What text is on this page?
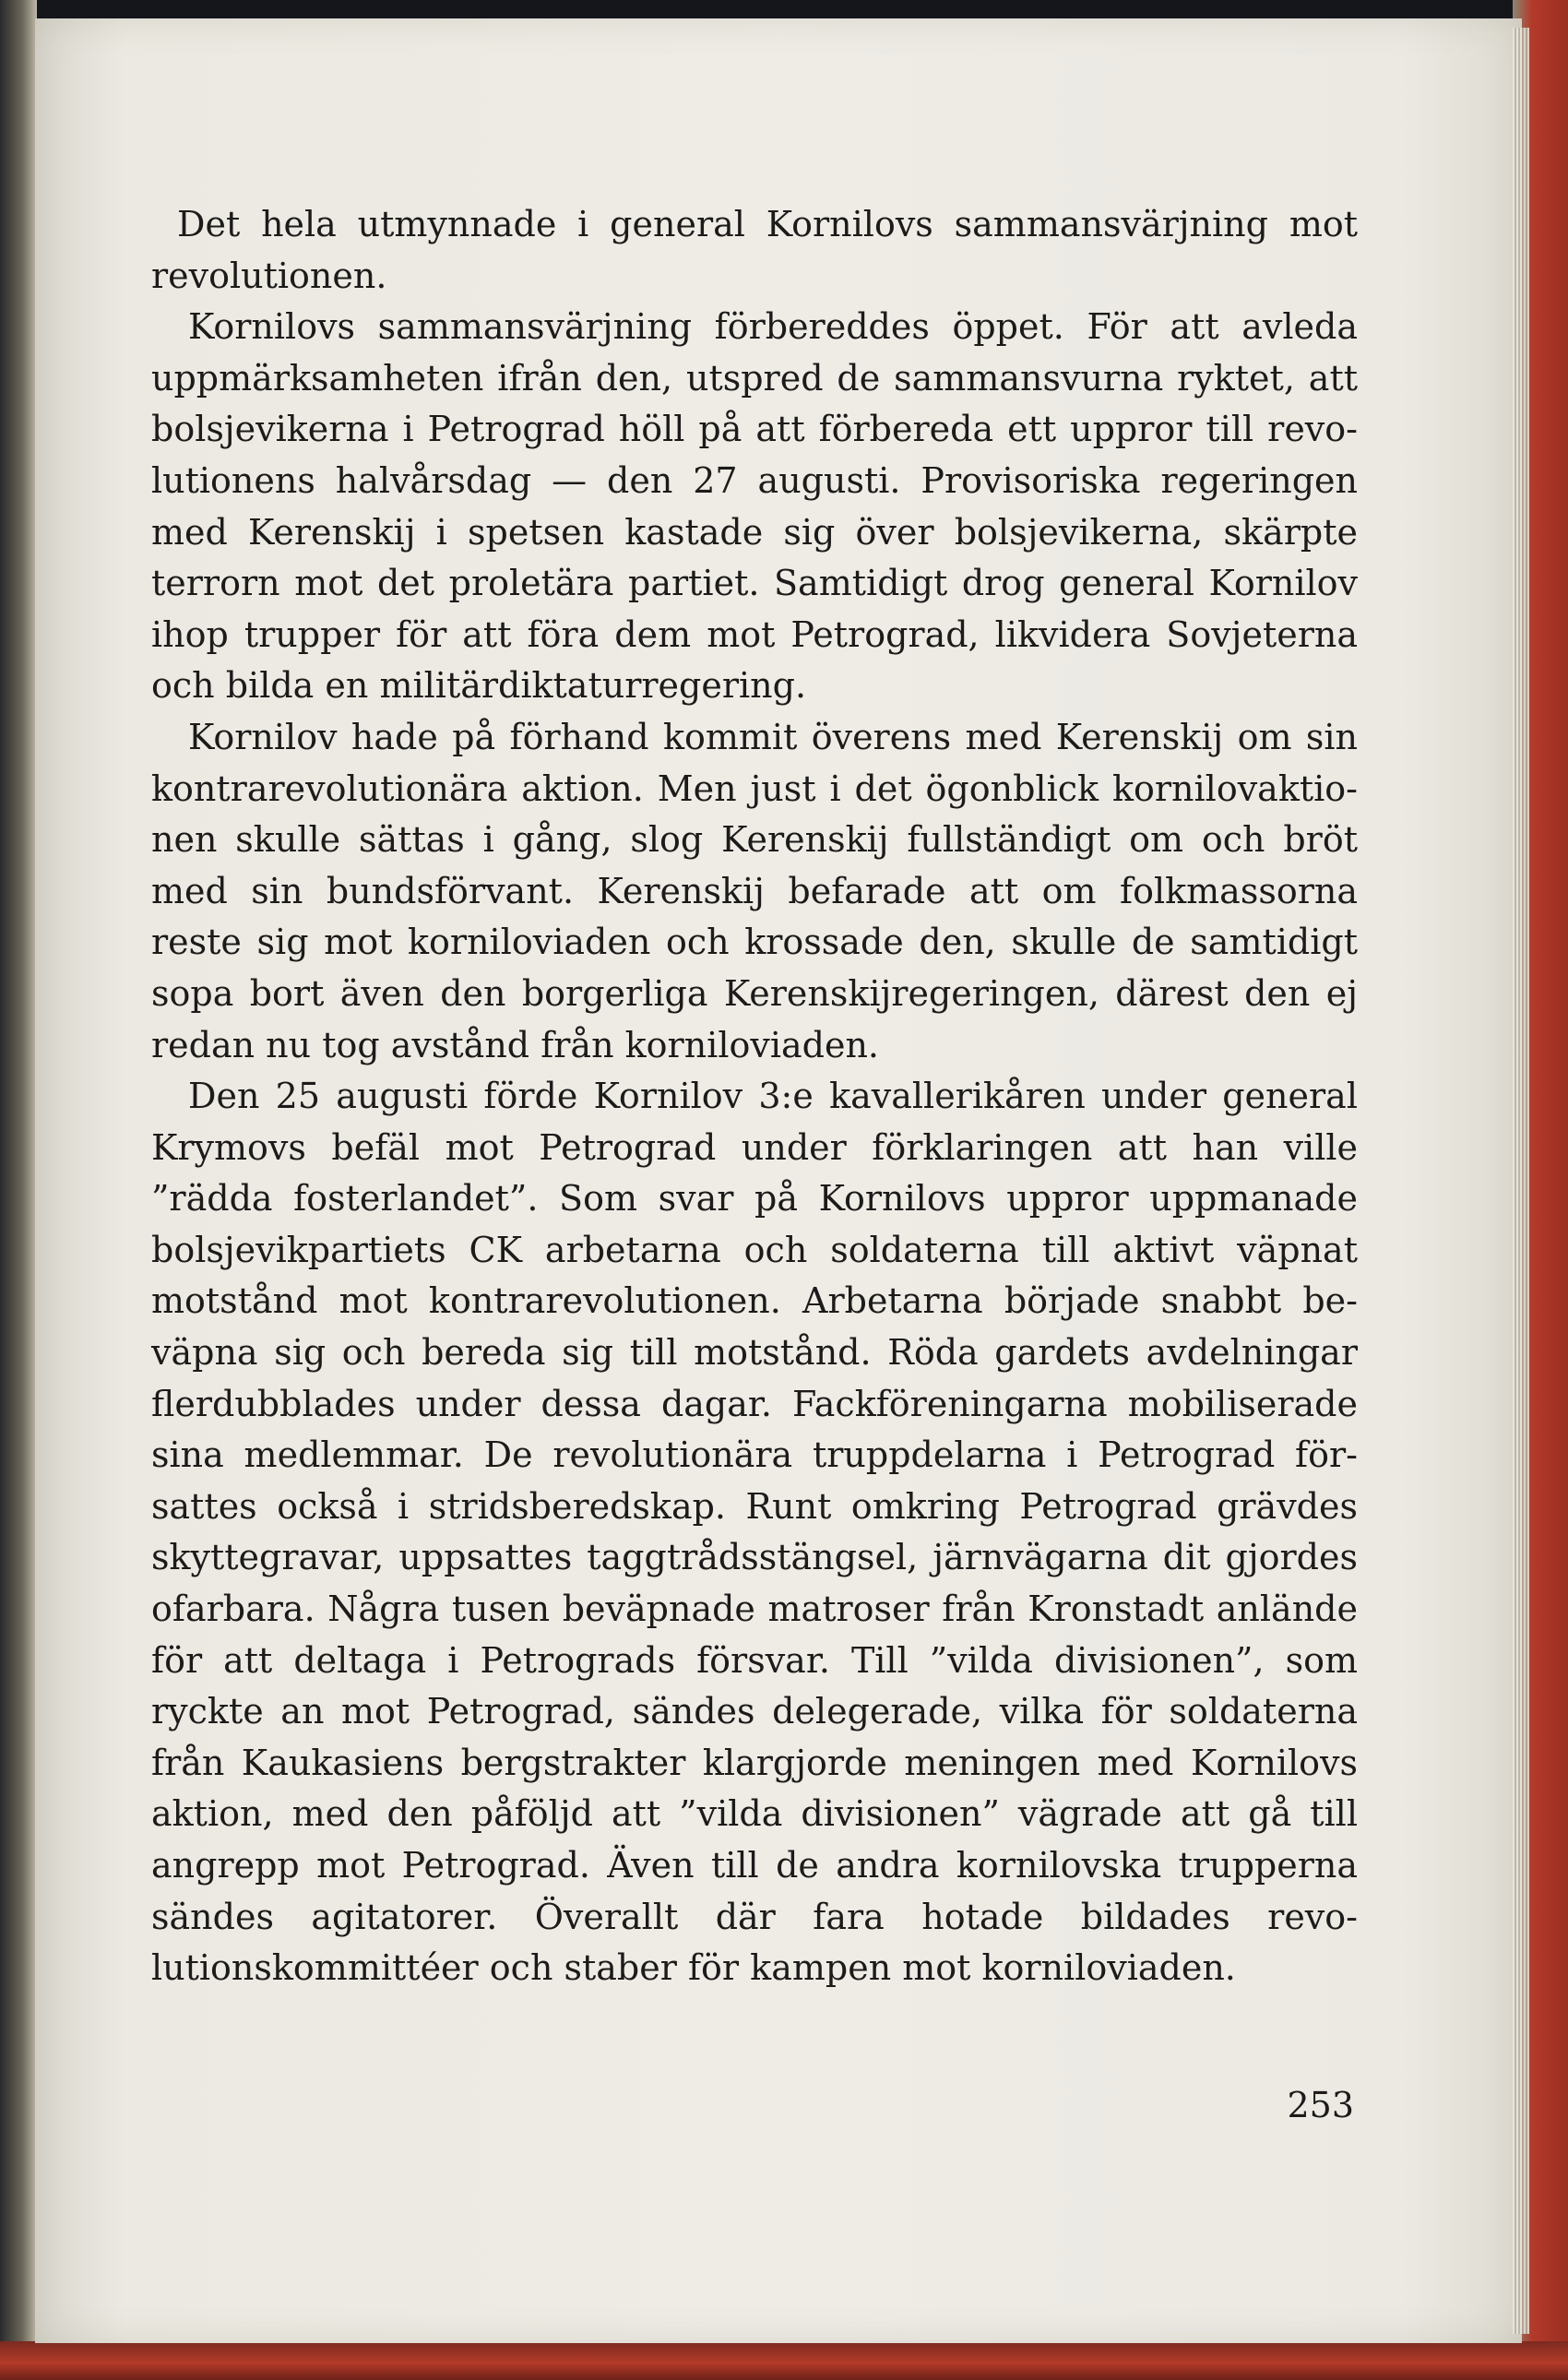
Det hela utmynnade i general Kornilovs sammansvärjning mot revolutionen.

Kornilovs sammansvärjning förbereddes öppet. För att avleda uppmärksamheten ifrån den, utspred de sammansvurna ryktet, att bolsjevikerna i Petrograd höll på att förbereda ett uppror till revolutionens halvårsdag — den 27 augusti. Provisoriska regeringen med Kerenskij i spetsen kastade sig över bolsjevikerna, skärpte terrorn mot det proletära partiet. Samtidigt drog general Kornilov ihop trupper för att föra dem mot Petrograd, likvidera Sovjeterna och bilda en militärdiktaturregering.

Kornilov hade på förhand kommit överens med Kerenskij om sin kontrarevolutionära aktion. Men just i det ögonblick kornilovaktionen skulle sättas i gång, slog Kerenskij fullständigt om och bröt med sin bundsförvant. Kerenskij befarade att om folkmassorna reste sig mot korniloviaden och krossade den, skulle de samtidigt sopa bort även den borgerliga Kerenskijregeringen, därest den ej redan nu tog avstånd från korniloviaden.

Den 25 augusti förde Kornilov 3:e kavallerikåren under general Krymovs befäl mot Petrograd under förklaringen att han ville ”rädda fosterlandet”. Som svar på Kornilovs uppror uppmanade bolsjevikpartiets CK arbetarna och soldaterna till aktivt väpnat motstånd mot kontrarevolutionen. Arbetarna började snabbt beväpna sig och bereda sig till motstånd. Röda gardets avdelningar flerdubblades under dessa dagar. Fackföreningarna mobiliserade sina medlemmar. De revolutionära truppdelarna i Petrograd försattes också i stridsberedskap. Runt omkring Petrograd grävdes skyttegravar, uppsattes taggtrådsstängsel, järnvägarna dit gjordes ofarbara. Några tusen beväpnade matroser från Kronstadt anlände för att deltaga i Petrograds försvar. Till ”vilda divisionen”, som ryckte an mot Petrograd, sändes delegerade, vilka för soldaterna från Kaukasiens bergstrakter klargjorde meningen med Kornilovs aktion, med den påföljd att ”vilda divisionen” vägrade att gå till angrepp mot Petrograd. Även till de andra kornilovska trupperna sändes agitatorer. Överallt där fara hotade bildades revolutionskommittéer och staber för kampen mot korniloviaden.

253
